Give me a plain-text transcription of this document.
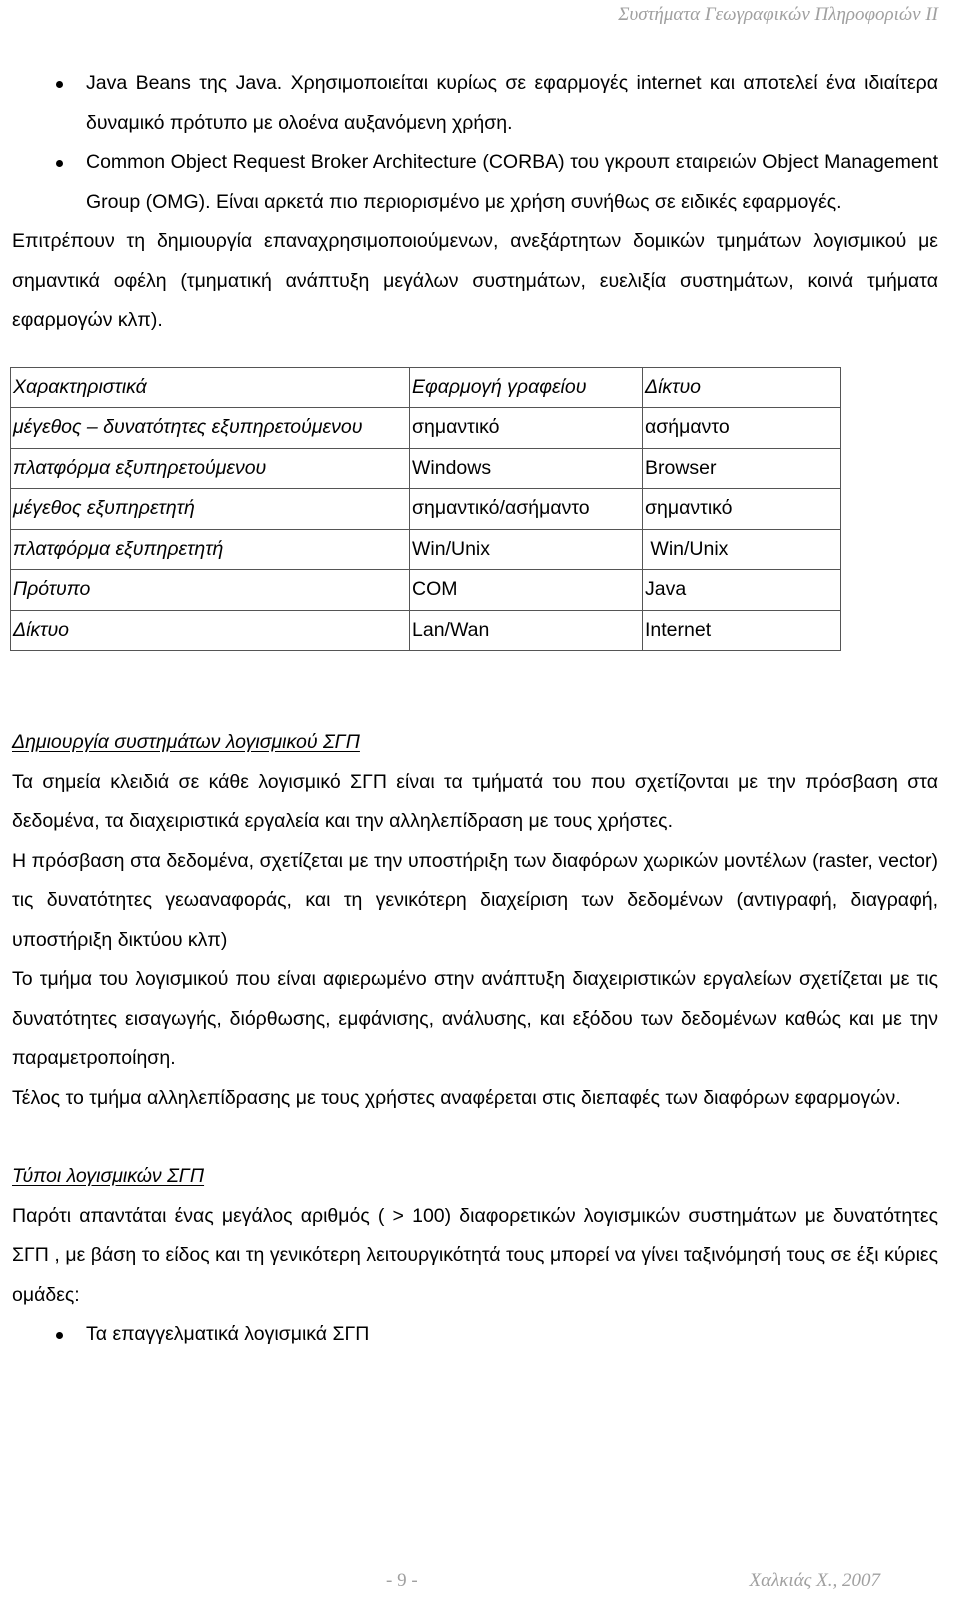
Συστήματα Γεωγραφικών Πληροφοριών ΙΙ
Java Beans της Java. Χρησιμοποιείται κυρίως σε εφαρμογές internet και αποτελεί ένα ιδιαίτερα δυναμικό πρότυπο με ολοένα αυξανόμενη χρήση.
Common Object Request Broker Architecture (CORBA) του γκρουπ εταιρειών Object Management Group (OMG). Είναι αρκετά πιο περιορισμένο με χρήση συνήθως σε ειδικές εφαρμογές.

Επιτρέπουν τη δημιουργία επαναχρησιμοποιούμενων, ανεξάρτητων δομικών τμημάτων λογισμικού με σημαντικά οφέλη (τμηματική ανάπτυξη μεγάλων συστημάτων, ευελιξία συστημάτων, κοινά τμήματα εφαρμογών κλπ).

Χαρακτηριστικά	Εφαρμογή γραφείου	Δίκτυο
μέγεθος – δυνατότητες εξυπηρετούμενου	σημαντικό	ασήμαντο
πλατφόρμα εξυπηρετούμενου	Windows	Browser
μέγεθος εξυπηρετητή	σημαντικό/ασήμαντο	σημαντικό
πλατφόρμα εξυπηρετητή	Win/Unix	Win/Unix
Πρότυπο	COM	Java
Δίκτυο	Lan/Wan	Internet
Δημιουργία συστημάτων λογισμικού ΣΓΠ

Τα σημεία κλειδιά σε κάθε λογισμικό ΣΓΠ είναι τα τμήματά του που σχετίζονται με την πρόσβαση στα δεδομένα, τα διαχειριστικά εργαλεία και την αλληλεπίδραση με τους χρήστες.

Η πρόσβαση στα δεδομένα, σχετίζεται με την υποστήριξη των διαφόρων χωρικών μοντέλων (raster, vector) τις δυνατότητες γεωαναφοράς, και τη γενικότερη διαχείριση των δεδομένων (αντιγραφή, διαγραφή, υποστήριξη δικτύου κλπ)

Το τμήμα του λογισμικού που είναι αφιερωμένο στην ανάπτυξη διαχειριστικών εργαλείων σχετίζεται με τις δυνατότητες εισαγωγής, διόρθωσης, εμφάνισης, ανάλυσης, και εξόδου των δεδομένων καθώς και με την παραμετροποίηση.

Τέλος το τμήμα αλληλεπίδρασης με τους χρήστες αναφέρεται στις διεπαφές των διαφόρων εφαρμογών.

Τύποι λογισμικών ΣΓΠ

Παρότι απαντάται ένας μεγάλος αριθμός ( > 100) διαφορετικών λογισμικών συστημάτων με δυνατότητες ΣΓΠ , με βάση το είδος και τη γενικότερη λειτουργικότητά τους μπορεί να γίνει ταξινόμησή τους σε έξι κύριες ομάδες:

Τα επαγγελματικά λογισμικά ΣΓΠ
- 9 -	Χαλκιάς Χ., 2007
